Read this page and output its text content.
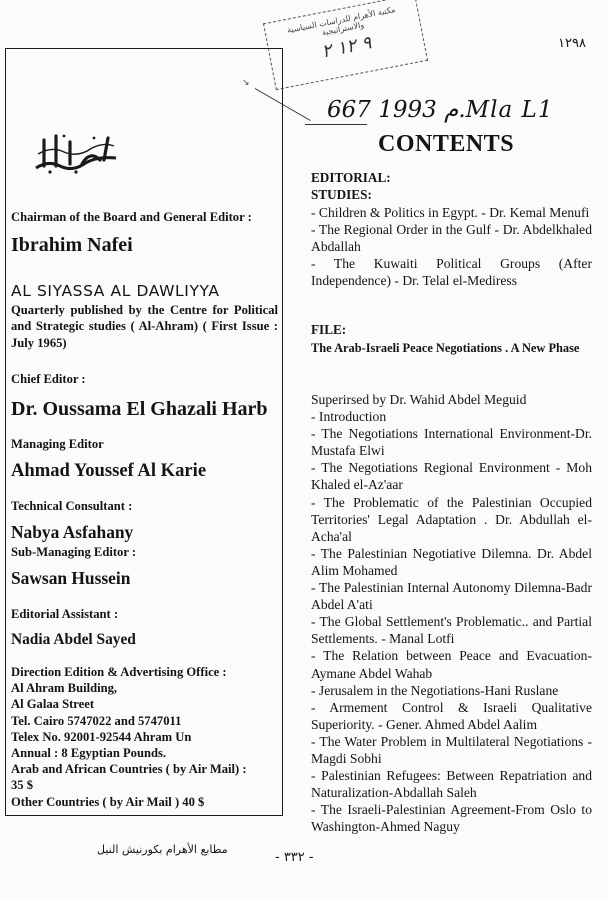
١٢٩٨
مكتبة الأهرام للدراسات السياسية والاستراتيجية
٩ ١٢ ٢
↘
667 1993 م.Mla L1
Chairman of the Board and General Editor :
Ibrahim Nafei
AL SIYASSA AL DAWLIYYA
Quarterly published by the Centre for Political and Strategic studies ( Al-Ahram) ( First Issue : July 1965)
Chief Editor :
Dr. Oussama El Ghazali Harb
Managing Editor
Ahmad Youssef Al Karie
Technical Consultant :
Nabya Asfahany
Sub-Managing Editor :
Sawsan Hussein
Editorial Assistant :
Nadia Abdel Sayed
Direction Edition & Advertising Office :
Al Ahram Building,
Al Galaa Street
Tel. Cairo 5747022 and 5747011
Telex No. 92001-92544 Ahram Un
Annual : 8 Egyptian Pounds.
Arab and African Countries ( by Air Mail) :
35 $
Other Countries ( by Air Mail ) 40 $
CONTENTS
EDITORIAL:
STUDIES:
- Children & Politics in Egypt. - Dr. Kemal Menufi
- The Regional Order in the Gulf - Dr. Abdelkhaled Abdallah
- The Kuwaiti Political Groups (After Independence) - Dr. Telal el-Mediress
FILE:
The Arab-Israeli Peace Negotiations . A New Phase
Superirsed by Dr. Wahid Abdel Meguid
- Introduction
- The Negotiations International Environment-Dr. Mustafa Elwi
- The Negotiations Regional Environment - Moh Khaled el-Az'aar
- The Problematic of the Palestinian Occupied Territories' Legal Adaptation . Dr. Abdullah el-Acha'al
- The Palestinian Negotiative Dilemna. Dr. Abdel Alim Mohamed
- The Palestinian Internal Autonomy Dilemna-Badr Abdel A'ati
- The Global Settlement's Problematic.. and Partial Settlements. - Manal Lotfi
- The Relation between Peace and Evacuation-Aymane Abdel Wahab
- Jerusalem in the Negotiations-Hani Ruslane
- Armement Control & Israeli Qualitative Superiority. - Gener. Ahmed Abdel Aalim
- The Water Problem in Multilateral Negotiations - Magdi Sobhi
- Palestinian Refugees: Between Repatriation and Naturalization-Abdallah Saleh
- The Israeli-Palestinian Agreement-From Oslo to Washington-Ahmed Naguy
مطابع الأهرام بكورنيش النيل
- ٣٣٢ -
